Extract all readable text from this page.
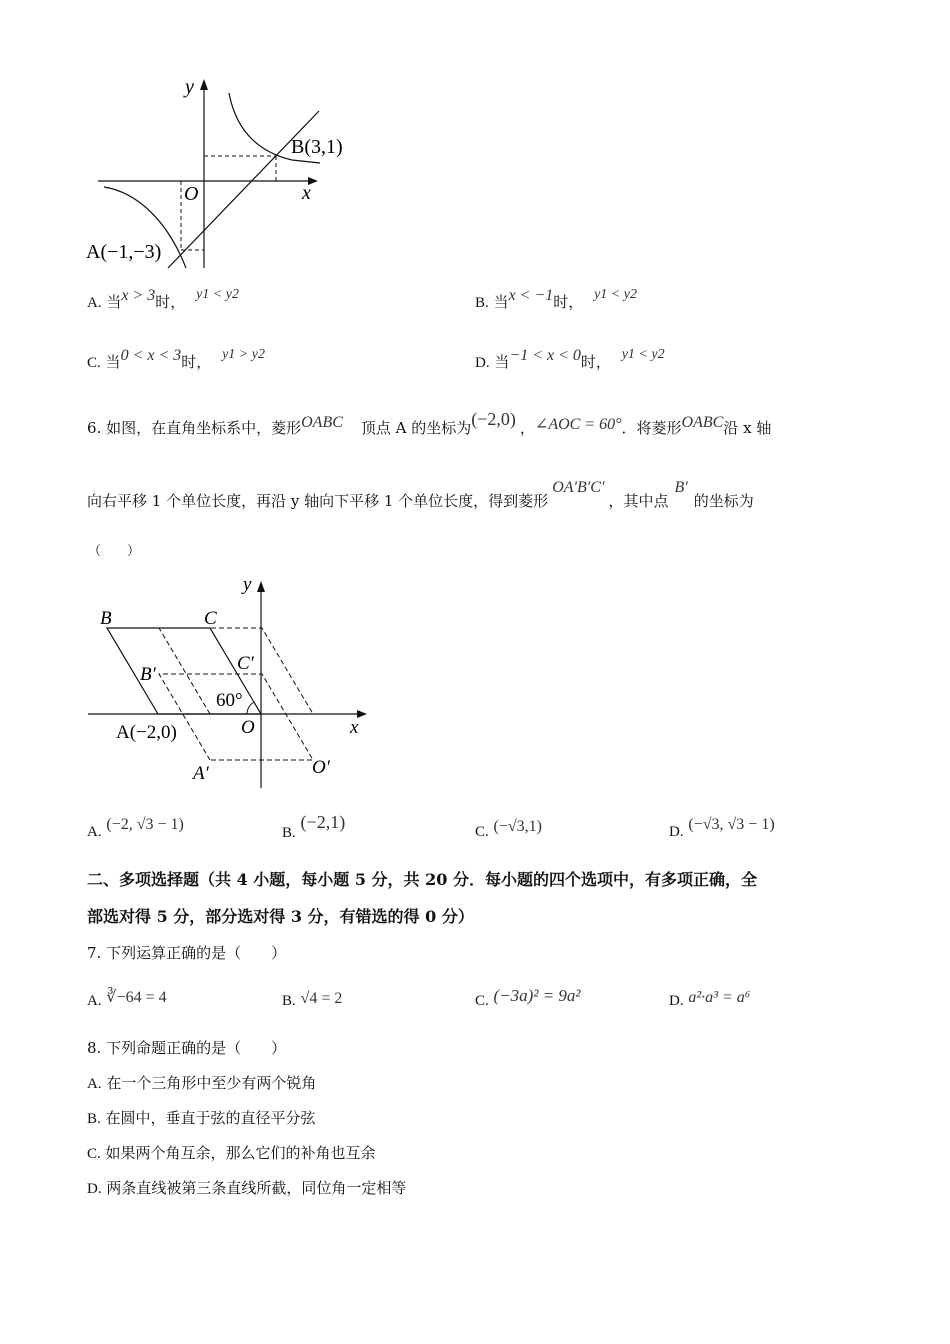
y
x
O
B(3,1)
A(−1,−3)
A. 当x > 3时， y1 < y2
B. 当x < −1时， y1 < y2
C. 当0 < x < 3时， y1 > y2
D. 当−1 < x < 0时， y1 < y2
6. 如图，在直角坐标系中，菱形OABC 顶点 A 的坐标为(−2,0) ，∠AOC = 60°．将菱形OABC沿 x 轴
向右平移 1 个单位长度，再沿 y 轴向下平移 1 个单位长度，得到菱形OA′B′C′，其中点B′的坐标为
（　　）
y
x
B	C
B′
C′
60°
A(−2,0)	O
A′	O′
A. (−2, √3 − 1)	B. (−2,1)	C. (−√3,1)	D. (−√3, √3 − 1)
二、多项选择题（共 4 小题，每小题 5 分，共 20 分．每小题的四个选项中，有多项正确，全
部选对得 5 分，部分选对得 3 分，有错选的得 0 分）
7. 下列运算正确的是（　　）
A. ∛−64 = 4	B. √4 = 2	C. (−3a)² = 9a²	D. a²·a³ = a⁶
8. 下列命题正确的是（　　）
A. 在一个三角形中至少有两个锐角
B. 在圆中，垂直于弦的直径平分弦
C. 如果两个角互余，那么它们的补角也互余
D. 两条直线被第三条直线所截，同位角一定相等
